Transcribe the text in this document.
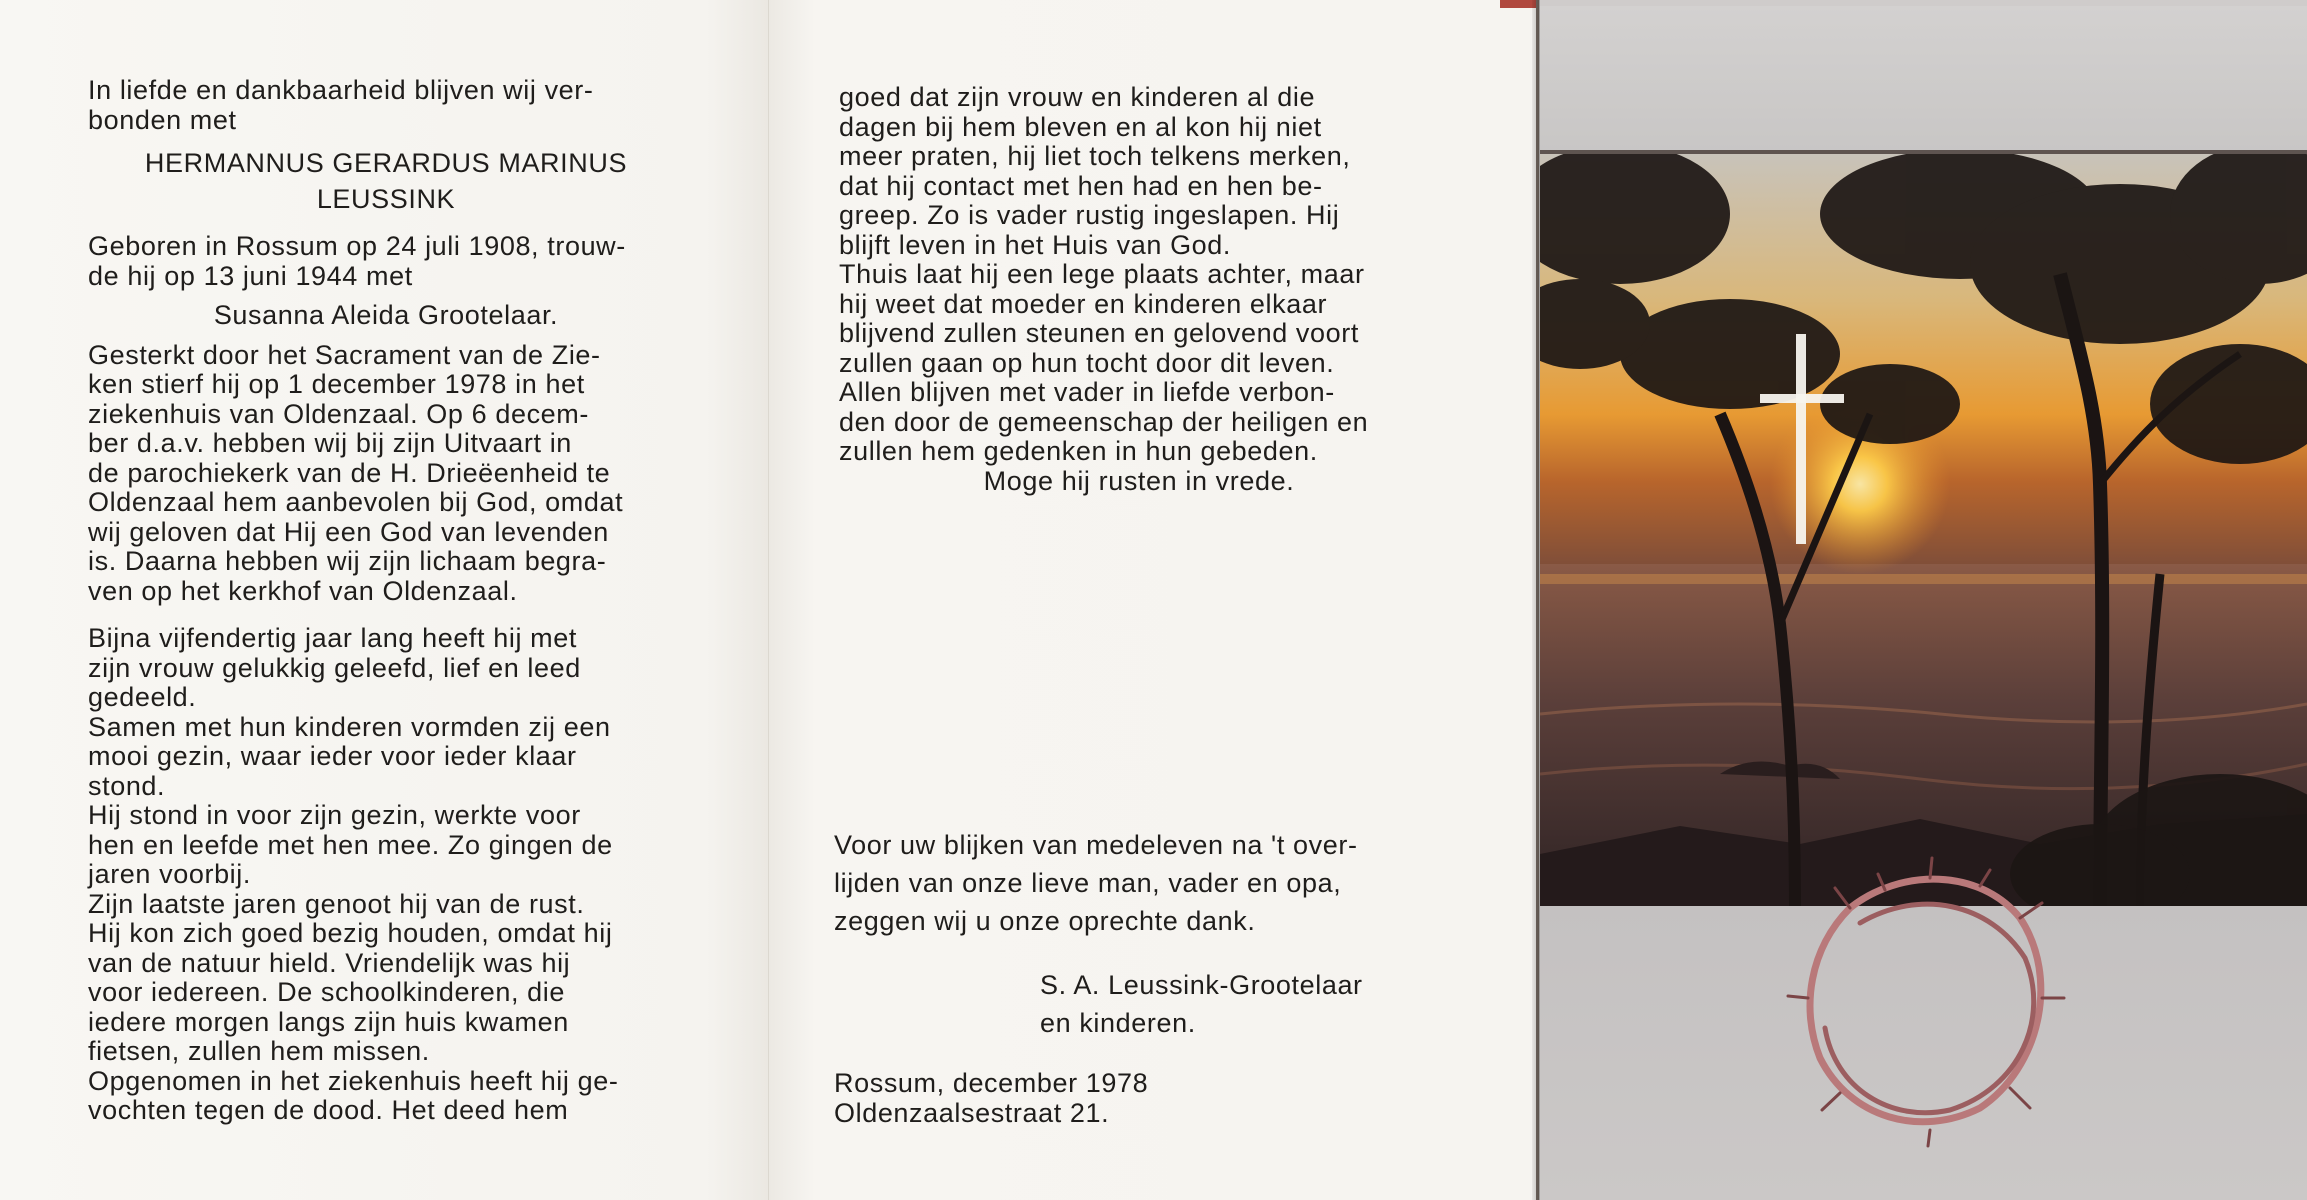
In liefde en dankbaarheid blijven wij ver-

bonden met

HERMANNUS GERARDUS MARINUS

LEUSSINK

Geboren in Rossum op 24 juli 1908, trouw-

de hij op 13 juni 1944 met

Susanna Aleida Grootelaar.

Gesterkt door het Sacrament van de Zie-

ken stierf hij op 1 december 1978 in het

ziekenhuis van Oldenzaal. Op 6 decem-

ber d.a.v. hebben wij bij zijn Uitvaart in

de parochiekerk van de H. Drieëenheid te

Oldenzaal hem aanbevolen bij God, omdat

wij geloven dat Hij een God van levenden

is. Daarna hebben wij zijn lichaam begra-

ven op het kerkhof van Oldenzaal.

Bijna vijfendertig jaar lang heeft hij met

zijn vrouw gelukkig geleefd, lief en leed

gedeeld.

Samen met hun kinderen vormden zij een

mooi gezin, waar ieder voor ieder klaar

stond.

Hij stond in voor zijn gezin, werkte voor

hen en leefde met hen mee. Zo gingen de

jaren voorbij.

Zijn laatste jaren genoot hij van de rust.

Hij kon zich goed bezig houden, omdat hij

van de natuur hield. Vriendelijk was hij

voor iedereen. De schoolkinderen, die

iedere morgen langs zijn huis kwamen

fietsen, zullen hem missen.

Opgenomen in het ziekenhuis heeft hij ge-

vochten tegen de dood. Het deed hem

goed dat zijn vrouw en kinderen al die

dagen bij hem bleven en al kon hij niet

meer praten, hij liet toch telkens merken,

dat hij contact met hen had en hen be-

greep. Zo is vader rustig ingeslapen. Hij

blijft leven in het Huis van God.

Thuis laat hij een lege plaats achter, maar

hij weet dat moeder en kinderen elkaar

blijvend zullen steunen en gelovend voort

zullen gaan op hun tocht door dit leven.

Allen blijven met vader in liefde verbon-

den door de gemeenschap der heiligen en

zullen hem gedenken in hun gebeden.

Moge hij rusten in vrede.

Voor uw blijken van medeleven na 't over-
lijden van onze lieve man, vader en opa,
zeggen wij u onze oprechte dank.
S. A. Leussink-Grootelaar
en kinderen.
Rossum, december 1978
Oldenzaalsestraat 21.
